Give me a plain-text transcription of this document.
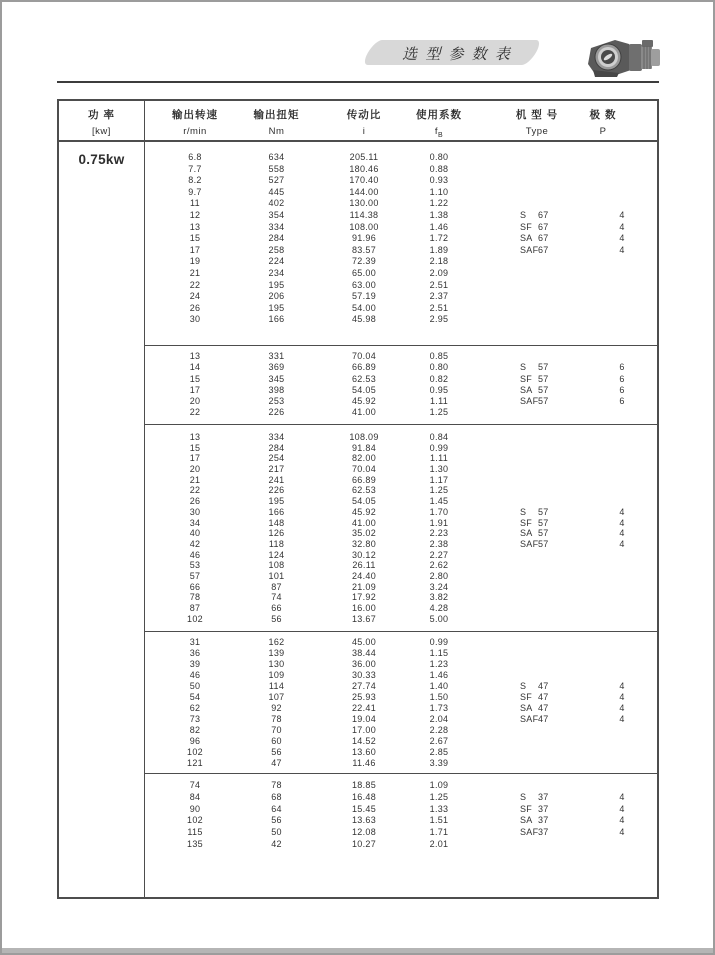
选 型 参 数 表
功 率
[kw]
输出转速
r/min
输出扭矩
Nm
传动比
i
使用系数
$f_B$
机 型 号
Type
极 数
P
0.75kw	6.8	634	205.11	0.80
7.7	558	180.46	0.88
8.2	527	170.40	0.93
9.7	445	144.00	1.10
11	402	130.00	1.22
12	354	114.38	1.38	S 67	4
13	334	108.00	1.46	SF 67	4
15	284	91.96	1.72	SA 67	4
17	258	83.57	1.89	SAF67	4
19	224	72.39	2.18
21	234	65.00	2.09
22	195	63.00	2.51
24	206	57.19	2.37
26	195	54.00	2.51
30	166	45.98	2.95
13	331	70.04	0.85
14	369	66.89	0.80	S 57	6
15	345	62.53	0.82	SF 57	6
17	398	54.05	0.95	SA 57	6
20	253	45.92	1.11	SAF57	6
22	226	41.00	1.25
13	334	108.09	0.84
15	284	91.84	0.99
17	254	82.00	1.11
20	217	70.04	1.30
21	241	66.89	1.17
22	226	62.53	1.25
26	195	54.05	1.45
30	166	45.92	1.70	S 57	4
34	148	41.00	1.91	SF 57	4
40	126	35.02	2.23	SA 57	4
42	118	32.80	2.38	SAF57	4
46	124	30.12	2.27
53	108	26.11	2.62
57	101	24.40	2.80
66	87	21.09	3.24
78	74	17.92	3.82
87	66	16.00	4.28
102	56	13.67	5.00
31	162	45.00	0.99
36	139	38.44	1.15
39	130	36.00	1.23
46	109	30.33	1.46
50	114	27.74	1.40	S 47	4
54	107	25.93	1.50	SF 47	4
62	92	22.41	1.73	SA 47	4
73	78	19.04	2.04	SAF47	4
82	70	17.00	2.28
96	60	14.52	2.67
102	56	13.60	2.85
121	47	11.46	3.39
74	78	18.85	1.09
84	68	16.48	1.25	S 37	4
90	64	15.45	1.33	SF 37	4
102	56	13.63	1.51	SA 37	4
115	50	12.08	1.71	SAF37	4
135	42	10.27	2.01
